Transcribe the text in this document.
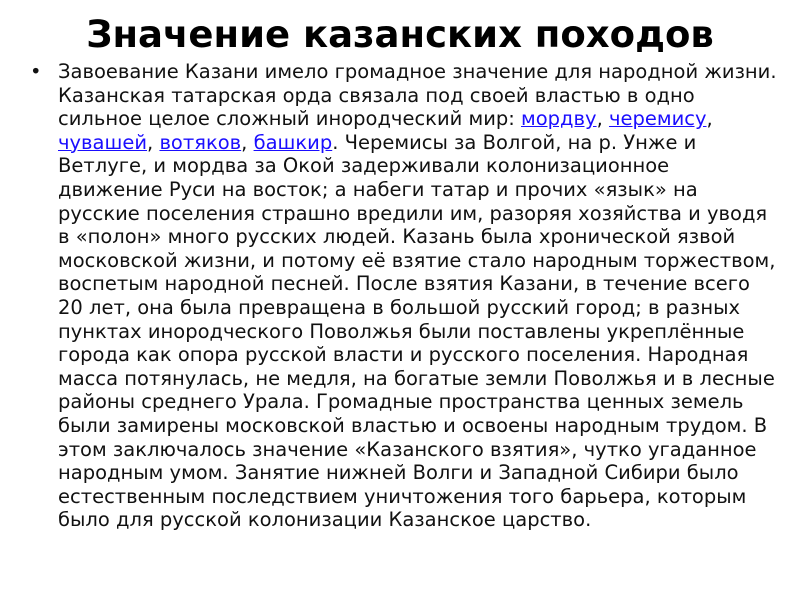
Значение казанских походов
• Завоевание Казани имело громадное значение для народной жизни. Казанская татарская орда связала под своей властью в одно сильное целое сложный инородческий мир: мордву, черемису, чувашей, вотяков, башкир. Черемисы за Волгой, на р. Унже и Ветлуге, и мордва за Окой задерживали колонизационное движение Руси на восток; а набеги татар и прочих «язык» на русские поселения страшно вредили им, разоряя хозяйства и уводя в «полон» много русских людей. Казань была хронической язвой московской жизни, и потому её взятие стало народным торжеством, воспетым народной песней. После взятия Казани, в течение всего 20 лет, она была превращена в большой русский город; в разных пунктах инородческого Поволжья были поставлены укреплённые города как опора русской власти и русского поселения. Народная масса потянулась, не медля, на богатые земли Поволжья и в лесные районы среднего Урала. Громадные пространства ценных земель были замирены московской властью и освоены народным трудом. В этом заключалось значение «Казанского взятия», чутко угаданное народным умом. Занятие нижней Волги и Западной Сибири было естественным последствием уничтожения того барьера, которым было для русской колонизации Казанское царство.
